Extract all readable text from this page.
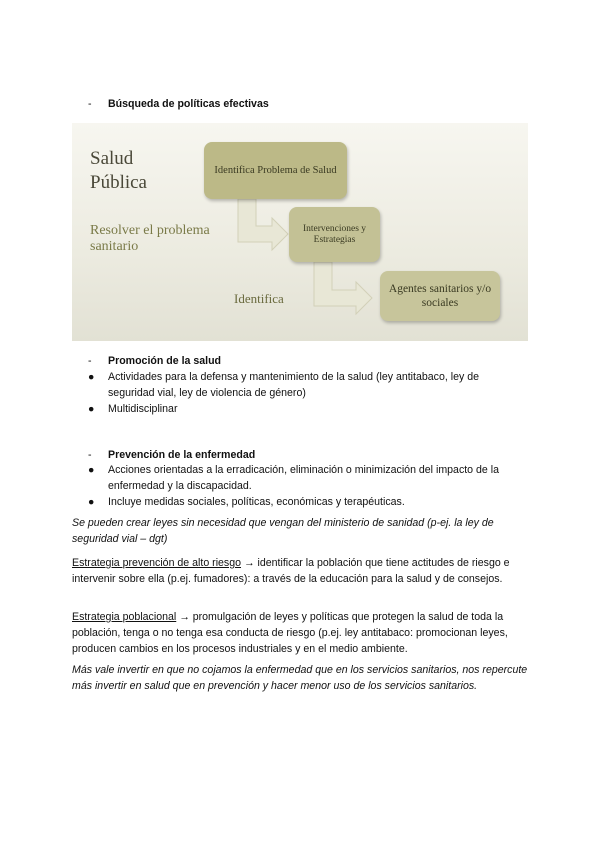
- Búsqueda de políticas efectivas
Salud Pública
Resolver el problema sanitario
Identifica
Identifica Problema de Salud
Intervenciones y Estrategias
Agentes sanitarios y/o sociales
- Promoción de la salud
● Actividades para la defensa y mantenimiento de la salud (ley antitabaco, ley de seguridad vial, ley de violencia de género)
● Multidisciplinar
- Prevención de la enfermedad
● Acciones orientadas a la erradicación, eliminación o minimización del impacto de la enfermedad y la discapacidad.
● Incluye medidas sociales, políticas, económicas y terapéuticas.

Se pueden crear leyes sin necesidad que vengan del ministerio de sanidad (p-ej. la ley de seguridad vial – dgt)

Estrategia prevención de alto riesgo → identificar la población que tiene actitudes de riesgo e intervenir sobre ella (p.ej. fumadores): a través de la educación para la salud y de consejos.

Estrategia poblacional → promulgación de leyes y políticas que protegen la salud de toda la población, tenga o no tenga esa conducta de riesgo (p.ej. ley antitabaco: promocionan leyes, producen cambios en los procesos industriales y en el medio ambiente.

Más vale invertir en que no cojamos la enfermedad que en los servicios sanitarios, nos repercute más invertir en salud que en prevención y hacer menor uso de los servicios sanitarios.
